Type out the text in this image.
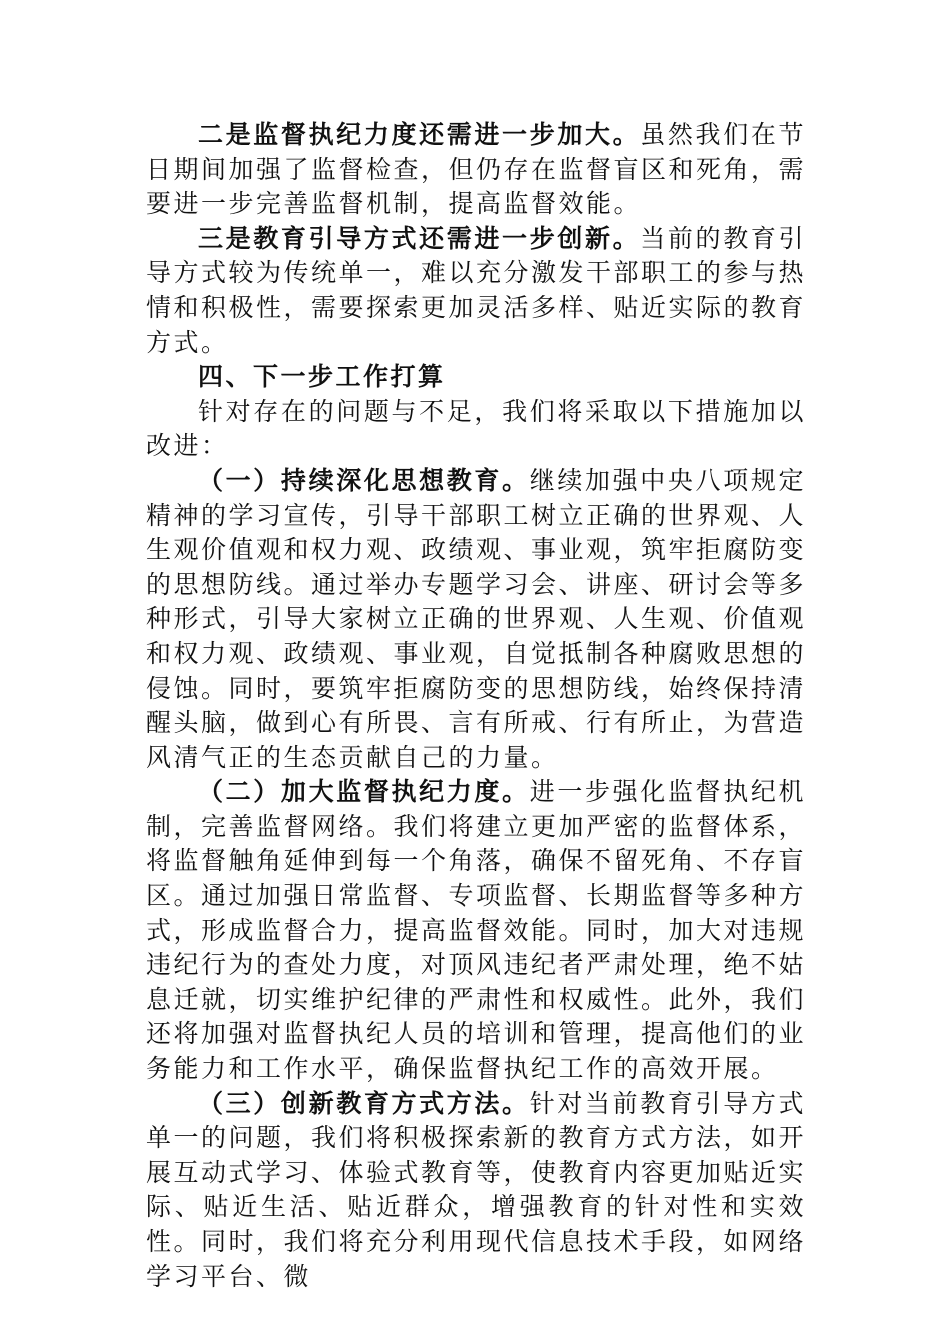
二是监督执纪力度还需进一步加大。虽然我们在节日期间加强了监督检查，但仍存在监督盲区和死角，需要进一步完善监督机制，提高监督效能。

三是教育引导方式还需进一步创新。当前的教育引导方式较为传统单一，难以充分激发干部职工的参与热情和积极性，需要探索更加灵活多样、贴近实际的教育方式。

四、下一步工作打算

针对存在的问题与不足，我们将采取以下措施加以改进：

（一）持续深化思想教育。继续加强中央八项规定精神的学习宣传，引导干部职工树立正确的世界观、人生观价值观和权力观、政绩观、事业观，筑牢拒腐防变的思想防线。通过举办专题学习会、讲座、研讨会等多种形式，引导大家树立正确的世界观、人生观、价值观和权力观、政绩观、事业观，自觉抵制各种腐败思想的侵蚀。同时，要筑牢拒腐防变的思想防线，始终保持清醒头脑，做到心有所畏、言有所戒、行有所止，为营造风清气正的生态贡献自己的力量。

（二）加大监督执纪力度。进一步强化监督执纪机制，完善监督网络。我们将建立更加严密的监督体系，将监督触角延伸到每一个角落，确保不留死角、不存盲区。通过加强日常监督、专项监督、长期监督等多种方式，形成监督合力，提高监督效能。同时，加大对违规违纪行为的查处力度，对顶风违纪者严肃处理，绝不姑息迁就，切实维护纪律的严肃性和权威性。此外，我们还将加强对监督执纪人员的培训和管理，提高他们的业务能力和工作水平，确保监督执纪工作的高效开展。

（三）创新教育方式方法。针对当前教育引导方式单一的问题，我们将积极探索新的教育方式方法，如开展互动式学习、体验式教育等，使教育内容更加贴近实际、贴近生活、贴近群众，增强教育的针对性和实效性。同时，我们将充分利用现代信息技术手段，如网络学习平台、微
